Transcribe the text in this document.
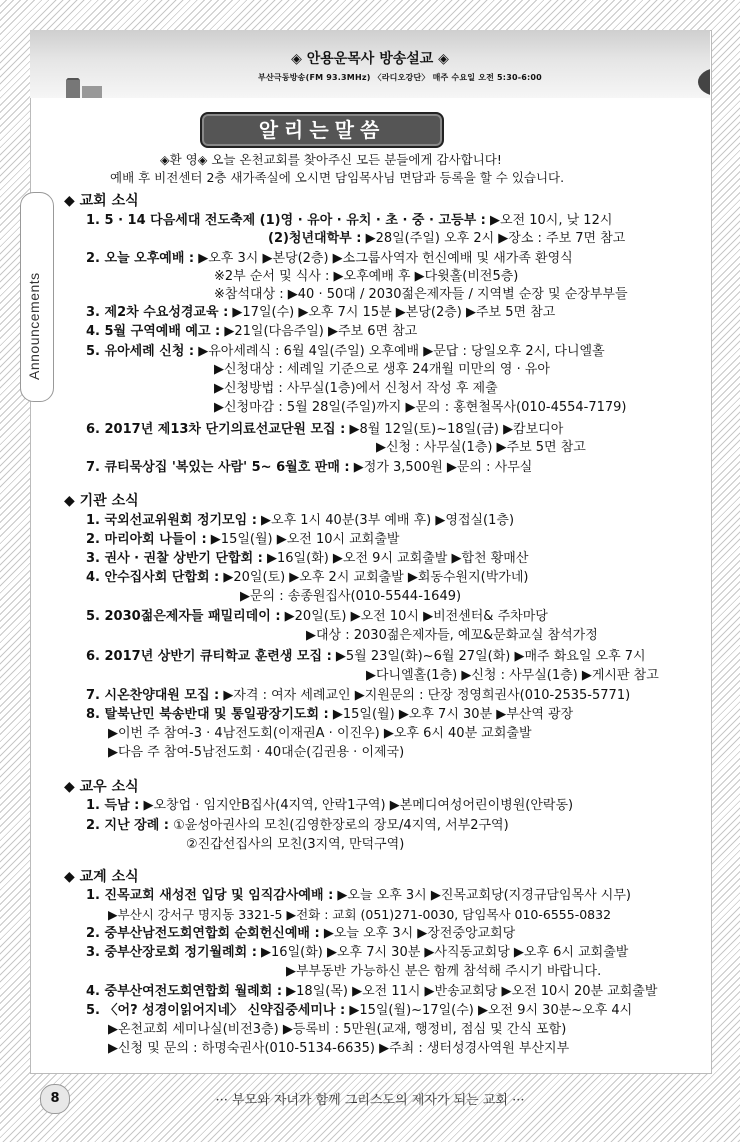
Announcements
◈ 안용운목사 방송설교 ◈
부산극동방송(FM 93.3MHz) 〈라디오강단〉 매주 수요일 오전 5:30-6:00
알리는말씀
◈환 영◈ 오늘 온천교회를 찾아주신 모든 분들에게 감사합니다!
예배 후 비전센터 2층 새가족실에 오시면 담임목사님 면담과 등록을 할 수 있습니다.
◆ 교회 소식
1. 5 · 14 다음세대 전도축제 (1)영 · 유아 · 유치 · 초 · 중 · 고등부 : ▶오전 10시, 낮 12시
(2)청년대학부 : ▶28일(주일) 오후 2시 ▶장소 : 주보 7면 참고
2. 오늘 오후예배 : ▶오후 3시 ▶본당(2층) ▶소그룹사역자 헌신예배 및 새가족 환영식
※2부 순서 및 식사 : ▶오후예배 후 ▶다윗홀(비전5층)
※참석대상 : ▶40 · 50대 / 2030젊은제자들 / 지역별 순장 및 순장부부들
3. 제2차 수요성경교육 : ▶17일(수) ▶오후 7시 15분 ▶본당(2층) ▶주보 5면 참고
4. 5월 구역예배 예고 : ▶21일(다음주일) ▶주보 6면 참고
5. 유아세례 신청 : ▶유아세례식 : 6월 4일(주일) 오후예배 ▶문답 : 당일오후 2시, 다니엘홀
▶신청대상 : 세례일 기준으로 생후 24개월 미만의 영 · 유아
▶신청방법 : 사무실(1층)에서 신청서 작성 후 제출
▶신청마감 : 5월 28일(주일)까지 ▶문의 : 홍현철목사(010-4554-7179)
6. 2017년 제13차 단기의료선교단원 모집 : ▶8월 12일(토)~18일(금) ▶캄보디아
▶신청 : 사무실(1층) ▶주보 5면 참고
7. 큐티묵상집 '복있는 사람' 5~ 6월호 판매 : ▶정가 3,500원 ▶문의 : 사무실
◆ 기관 소식
1. 국외선교위원회 정기모임 : ▶오후 1시 40분(3부 예배 후) ▶영접실(1층)
2. 마리아회 나들이 : ▶15일(월) ▶오전 10시 교회출발
3. 권사 · 권찰 상반기 단합회 : ▶16일(화) ▶오전 9시 교회출발 ▶합천 황매산
4. 안수집사회 단합회 : ▶20일(토) ▶오후 2시 교회출발 ▶회동수원지(박가네)
▶문의 : 송종원집사(010-5544-1649)
5. 2030젊은제자들 패밀리데이 : ▶20일(토) ▶오전 10시 ▶비전센터& 주차마당
▶대상 : 2030젊은제자들, 예꼬&문화교실 참석가정
6. 2017년 상반기 큐티학교 훈련생 모집 : ▶5월 23일(화)~6월 27일(화) ▶매주 화요일 오후 7시
▶다니엘홀(1층) ▶신청 : 사무실(1층) ▶게시판 참고
7. 시온찬양대원 모집 : ▶자격 : 여자 세례교인 ▶지원문의 : 단장 정영희권사(010-2535-5771)
8. 탈북난민 북송반대 및 통일광장기도회 : ▶15일(월) ▶오후 7시 30분 ▶부산역 광장
▶이번 주 참여-3 · 4남전도회(이재권A · 이진우) ▶오후 6시 40분 교회출발
▶다음 주 참여-5남전도회 · 40대순(김권용 · 이제국)
◆ 교우 소식
1. 득남 : ▶오창업 · 임지안B집사(4지역, 안락1구역) ▶본메디여성어린이병원(안락동)
2. 지난 장례 : ①윤성아권사의 모친(김영한장로의 장모/4지역, 서부2구역)
②진갑선집사의 모친(3지역, 만덕구역)
◆ 교계 소식
1. 진목교회 새성전 입당 및 임직감사예배 : ▶오늘 오후 3시 ▶진목교회당(지경규담임목사 시무)
▶부산시 강서구 명지동 3321-5 ▶전화 : 교회 (051)271-0030, 담임목사 010-6555-0832
2. 중부산남전도회연합회 순회헌신예배 : ▶오늘 오후 3시 ▶장전중앙교회당
3. 중부산장로회 정기월례회 : ▶16일(화) ▶오후 7시 30분 ▶사직동교회당 ▶오후 6시 교회출발
▶부부동반 가능하신 분은 함께 참석해 주시기 바랍니다.
4. 중부산여전도회연합회 월례회 : ▶18일(목) ▶오전 11시 ▶반송교회당 ▶오전 10시 20분 교회출발
5. 〈어? 성경이읽어지네〉 신약집중세미나 : ▶15일(월)~17일(수) ▶오전 9시 30분~오후 4시
▶온천교회 세미나실(비전3층) ▶등록비 : 5만원(교재, 행정비, 점심 및 간식 포함)
▶신청 및 문의 : 하명숙권사(010-5134-6635) ▶주최 : 생터성경사역원 부산지부
8	··· 부모와 자녀가 함께 그리스도의 제자가 되는 교회 ···
